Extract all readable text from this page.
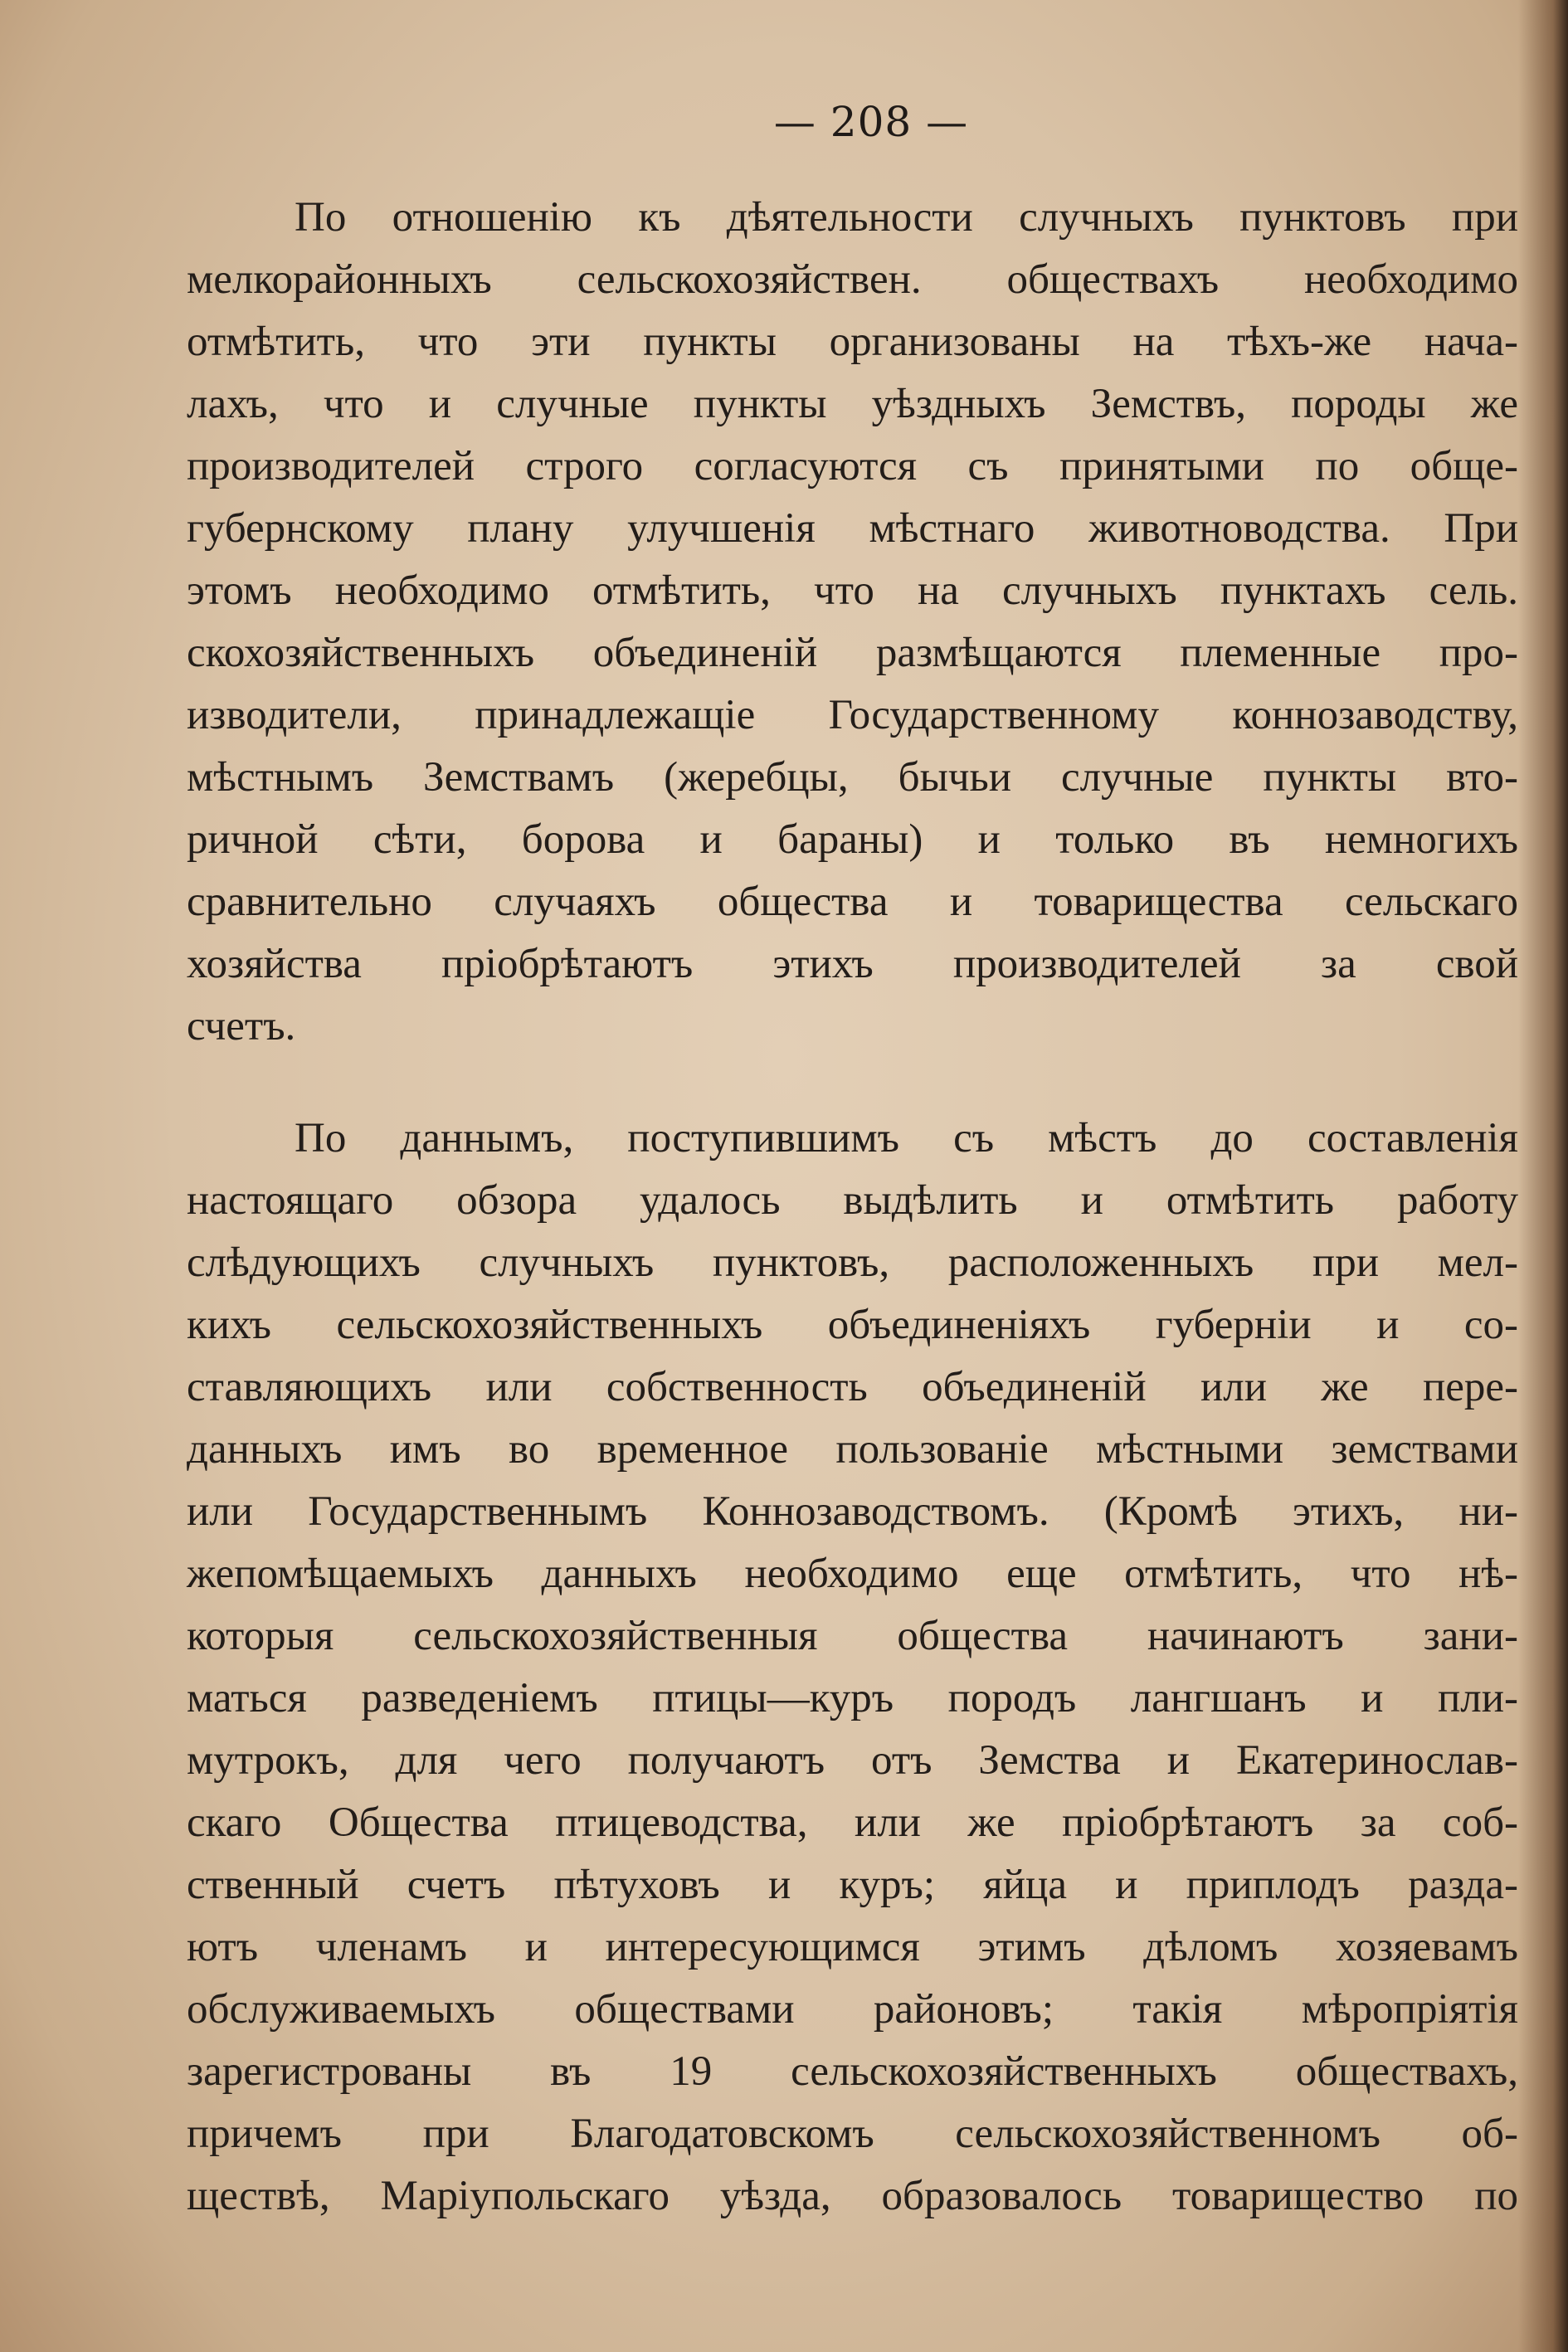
— 208 —

По отношенію къ дѣятельности случныхъ пунктовъ при
мелкорайонныхъ сельскохозяйствен. обществахъ необходимо
отмѣтить, что эти пункты организованы на тѣхъ-же нача-
лахъ, что и случные пункты уѣздныхъ Земствъ, породы же
производителей строго согласуются съ принятыми по обще-
губернскому плану улучшенія мѣстнаго животноводства. При
этомъ необходимо отмѣтить, что на случныхъ пунктахъ сель.
скохозяйственныхъ объединеній размѣщаются племенные про-
изводители, принадлежащіе Государственному коннозаводству,
мѣстнымъ Земствамъ (жеребцы, бычьи случные пункты вто-
ричной сѣти, борова и бараны) и только въ немногихъ
сравнительно случаяхъ общества и товарищества сельскаго
хозяйства пріобрѣтаютъ этихъ производителей за свой
счетъ.

По даннымъ, поступившимъ съ мѣстъ до составленія
настоящаго обзора удалось выдѣлить и отмѣтить работу
слѣдующихъ случныхъ пунктовъ, расположенныхъ при мел-
кихъ сельскохозяйственныхъ объединеніяхъ губерніи и со-
ставляющихъ или собственность объединеній или же пере-
данныхъ имъ во временное пользованіе мѣстными земствами
или Государственнымъ Коннозаводствомъ. (Кромѣ этихъ, ни-
жепомѣщаемыхъ данныхъ необходимо еще отмѣтить, что нѣ-
которыя сельскохозяйственныя общества начинаютъ зани-
маться разведеніемъ птицы—куръ породъ лангшанъ и пли-
мутрокъ, для чего получаютъ отъ Земства и Екатеринослав-
скаго Общества птицеводства, или же пріобрѣтаютъ за соб-
ственный счетъ пѣтуховъ и куръ; яйца и приплодъ разда-
ютъ членамъ и интересующимся этимъ дѣломъ хозяевамъ
обслуживаемыхъ обществами районовъ; такія мѣропріятія
зарегистрованы въ 19 сельскохозяйственныхъ обществахъ,
причемъ при Благодатовскомъ сельскохозяйственномъ об-
ществѣ, Маріупольскаго уѣзда, образовалось товарищество по
